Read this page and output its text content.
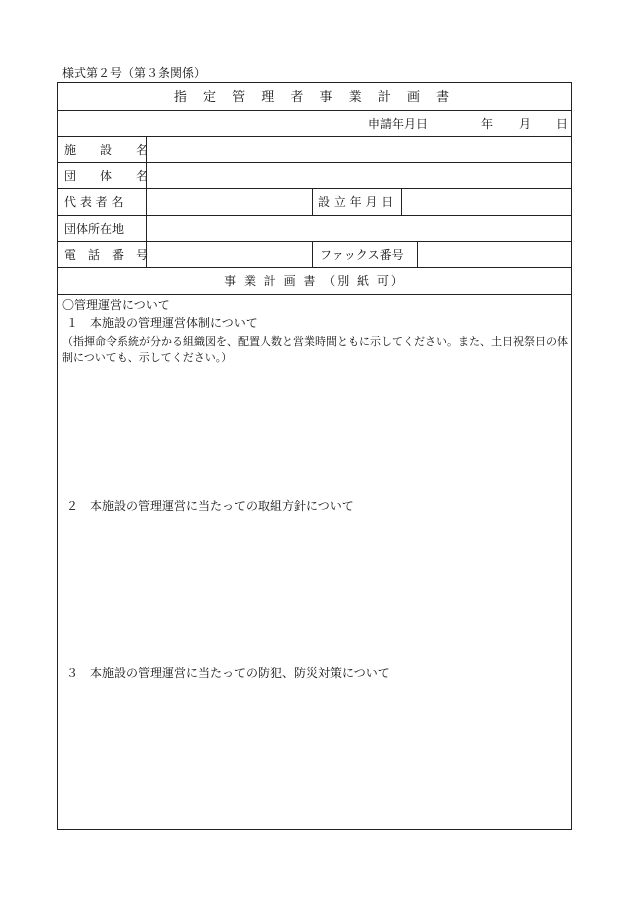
様式第２号（第３条関係）
指 定 管 理 者 事 業 計 画 書
申請年月日	年 月 日
施　　設　　名
団　　体　　名
代 表 者 名	設 立 年 月 日
団体所在地
電　話　番　号	ファックス番号
事 業 計 画 書 （別 紙 可）
〇管理運営について
１　本施設の管理運営体制について
（指揮命令系統が分かる組織図を、配置人数と営業時間ともに示してください。また、土日祝祭日の体制についても、示してください。）
２　本施設の管理運営に当たっての取組方針について
３　本施設の管理運営に当たっての防犯、防災対策について
